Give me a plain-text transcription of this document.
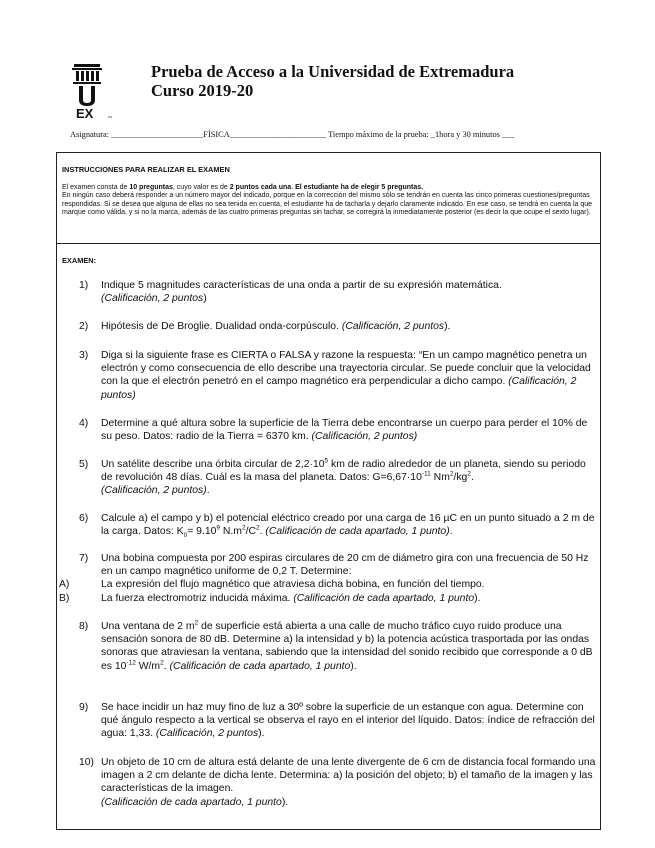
EX	•••
Prueba de Acceso a la Universidad de Extremadura
Curso 2019-20
Asignatura: ______________________FÍSICA_______________________ Tiempo máximo de la prueba: _1hora y 30 minutos ___
INSTRUCCIONES PARA REALIZAR EL EXAMEN
El examen consta de 10 preguntas, cuyo valor es de 2 puntos cada una. El estudiante ha de elegir 5 preguntas.
En ningún caso deberá responder a un número mayor del indicado, porque en la corrección del mismo sólo se tendrán en cuenta las cinco primeras cuestiones/preguntas respondidas. Si se desea que alguna de ellas no sea tenida en cuenta, el estudiante ha de tacharla y dejarlo claramente indicado. En ese caso, se tendrá en cuenta la que marque como válida, y si no la marca, además de las cuatro primeras preguntas sin tachar, se corregirá la inmediatamente posterior (es decir la que ocupe el sexto lugar).
EXAMEN:
1) Indique 5 magnitudes características de una onda a partir de su expresión matemática.
(Calificación, 2 puntos)
2) Hipótesis de De Broglie. Dualidad onda-corpúsculo. (Calificación, 2 puntos).
3) Diga si la siguiente frase es CIERTA o FALSA y razone la respuesta: “En un campo magnético penetra un electrón y como consecuencia de ello describe una trayectoria circular. Se puede concluir que la velocidad con la que el electrón penetró en el campo magnético era perpendicular a dicho campo. (Calificación, 2 puntos)
4) Determine a qué altura sobre la superficie de la Tierra debe encontrarse un cuerpo para perder el 10% de su peso. Datos: radio de la Tierra = 6370 km. (Calificación, 2 puntos)
5) Un satélite describe una órbita circular de $2,2\cdot 10^5$ km de radio alrededor de un planeta, siendo su periodo de revolución 48 días. Cuál es la masa del planeta. Datos: $G=6,67\cdot 10^{-11}$ $Nm^2/kg^2$.
(Calificación, 2 puntos).
6) Calcule a) el campo y b) el potencial eléctrico creado por una carga de 16 µC en un punto situado a 2 m de la carga. Datos: $K_0= 9.10^9$ $N.m^2/C^2$. (Calificación de cada apartado, 1 punto).
7) Una bobina compuesta por 200 espiras circulares de 20 cm de diámetro gira con una frecuencia de 50 Hz en un campo magnético uniforme de 0,2 T. Determine:
A)	La expresión del flujo magnético que atraviesa dicha bobina, en función del tiempo.
B)	La fuerza electromotriz inducida máxima. (Calificación de cada apartado, 1 punto).
8) Una ventana de 2 $m^2$ de superficie está abierta a una calle de mucho tráfico cuyo ruido produce una sensación sonora de 80 dB. Determine a) la intensidad y b) la potencia acústica trasportada por las ondas sonoras que atraviesan la ventana, sabiendo que la intensidad del sonido recibido que corresponde a 0 dB es $10^{-12}$ $W/m^2$. (Calificación de cada apartado, 1 punto).
9) Se hace incidir un haz muy fino de luz a 30º sobre la superficie de un estanque con agua. Determine con qué ángulo respecto a la vertical se observa el rayo en el interior del líquido. Datos: índice de refracción del agua: 1,33. (Calificación, 2 puntos).
10) Un objeto de 10 cm de altura está delante de una lente divergente de 6 cm de distancia focal formando una imagen a 2 cm delante de dicha lente. Determina: a) la posición del objeto; b) el tamaño de la imagen y las características de la imagen.
(Calificación de cada apartado, 1 punto).
